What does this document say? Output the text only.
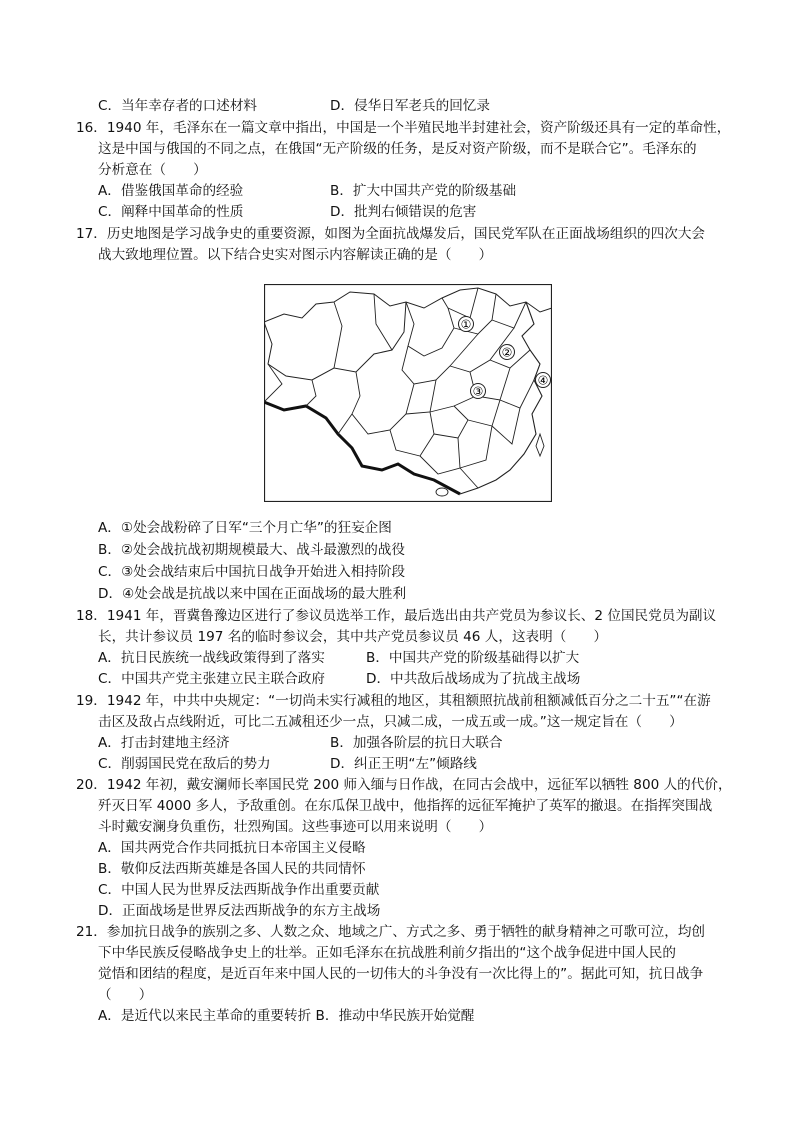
C．当年幸存者的口述材料	D．侵华日军老兵的回忆录
16．1940 年，毛泽东在一篇文章中指出，中国是一个半殖民地半封建社会，资产阶级还具有一定的革命性，
这是中国与俄国的不同之点，在俄国“无产阶级的任务，是反对资产阶级，而不是联合它”。毛泽东的
分析意在（　　）
A．借鉴俄国革命的经验	B．扩大中国共产党的阶级基础
C．阐释中国革命的性质	D．批判右倾错误的危害
17．历史地图是学习战争史的重要资源，如图为全面抗战爆发后，国民党军队在正面战场组织的四次大会
战大致地理位置。以下结合史实对图示内容解读正确的是（　　）
①
②
③
④
A．①处会战粉碎了日军“三个月亡华”的狂妄企图
B．②处会战抗战初期规模最大、战斗最激烈的战役
C．③处会战结束后中国抗日战争开始进入相持阶段
D．④处会战是抗战以来中国在正面战场的最大胜利
18．1941 年，晋冀鲁豫边区进行了参议员选举工作，最后选出由共产党员为参议长、2 位国民党员为副议
长，共计参议员 197 名的临时参议会，其中共产党员参议员 46 人，这表明（　　）
A．抗日民族统一战线政策得到了落实	B．中国共产党的阶级基础得以扩大
C．中国共产党主张建立民主联合政府	D．中共敌后战场成为了抗战主战场
19．1942 年，中共中央规定：“一切尚未实行减租的地区，其租额照抗战前租额减低百分之二十五”“在游
击区及敌占点线附近，可比二五减租还少一点，只减二成，一成五或一成。”这一规定旨在（　　）
A．打击封建地主经济	B．加强各阶层的抗日大联合
C．削弱国民党在敌后的势力	D．纠正王明“左”倾路线
20．1942 年初，戴安澜师长率国民党 200 师入缅与日作战，在同古会战中，远征军以牺牲 800 人的代价，
歼灭日军 4000 多人，予敌重创。在东瓜保卫战中，他指挥的远征军掩护了英军的撤退。在指挥突围战
斗时戴安澜身负重伤，壮烈殉国。这些事迹可以用来说明（　　）
A．国共两党合作共同抵抗日本帝国主义侵略
B．敬仰反法西斯英雄是各国人民的共同情怀
C．中国人民为世界反法西斯战争作出重要贡献
D．正面战场是世界反法西斯战争的东方主战场
21．参加抗日战争的族别之多、人数之众、地域之广、方式之多、勇于牺牲的献身精神之可歌可泣，均创
下中华民族反侵略战争史上的壮举。正如毛泽东在抗战胜利前夕指出的“这个战争促进中国人民的
觉悟和团结的程度，是近百年来中国人民的一切伟大的斗争没有一次比得上的”。据此可知，抗日战争
（　　）
A．是近代以来民主革命的重要转折 B．推动中华民族开始觉醒
